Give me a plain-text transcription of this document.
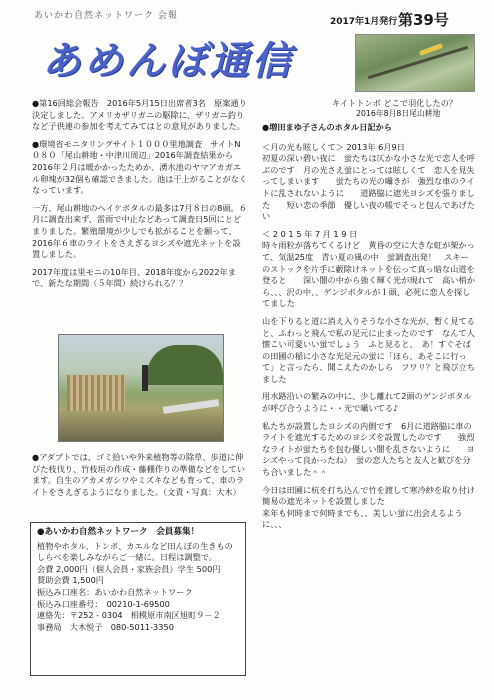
あいかわ自然ネットワーク 会報
あめんぼ通信
2017年1月発行 第39号
キイトトンボ どこで羽化したの？
2016年8月8日尾山耕地

●第16回総会報告　2016年5月15日出席者3名　原案通り決定しました。アメリカザリガニの駆除に、ザリガニ釣りなど子供連の参加を考えてみてはとの意見がありました。

●環境省モニタリングサイト１０００里地調査　サイトN０８０「尾山耕地・中津川周辺」2016年調査結果から　　2016年２月は暖かかったためか、湧水池のヤマアカガエル卵塊が32個も確認できました。池は干上がることがなくなっています。

一方、尾山耕地のヘイケボタルの最多は7月８日の8頭。６月に調査出来ず、雷雨で中止などあって調査日5回にとどまりました。繁殖環境が少しでも拡がることを願って、2016年６車のライトをさえぎるヨシズや遮光ネットを設置しました。

2017年度は里モニの10年目、2018年度から2022年まで、新たな期間（５年間）続けられる？？

●アダプトでは、ゴミ拾いや外来植物等の除草、歩道に伸びた枝伐り、竹枝垣の作成・藤棚作りの準備などをしています。自生のアカメガシワやミズキなども育って、車のライトをさえぎるようになりました。（文責・写真：大木）

●あいかわ自然ネットワーク　会員募集！

植物やホタル、トンボ、カエルなど田んぼの生きものしらべを楽しみながらご一緒に。日程は調整で。

会費 2,000円（個人会員・家族会員）学生 500円

賛助会費 1,500円

振込み口座名：あいかわ自然ネットワーク

振込み口座番号：　00210-1-69500

連絡先：〒252 - 0304　相模原市南区旭町９－２

事務局　大木悦子　080-5011-3350

●増田まゆ子さんのホタル日記から

＜月の光も眩しくて＞ 2013年 6月9日
初夏の深い碧い夜に　蛍たちは仄かな小さな光で恋人を呼ぶのです　月の光さえ蛍にとっては眩しくて　恋人を見失ってしまいます　　蛍たちの光の囁きが　強烈な車のライトに乱されないように　　道路脇に遮光ヨシズを張りました　　短い恋の季節　優しい夜の帳でそっと包んであげたい

＜ 2 0 1 5 年 7 月 1 9 日
時々雨粒が落ちてくるけど　黄昏の空に大きな虹が架かって、気温25度　青い夏の風の中　蛍調査出発！　スキーのストックを片手に藪除けネットを伝って真っ暗な山道を登ると　　深い闇の中から強く輝く光が現れて　高い梢から、、、沢の中、、ゲンジボタルが１頭、必死に恋人を探してました

山を下りると道に消え入りそうな小さな光が、暫く見てると、ふわっと飛んで私の足元に止まったのです　なんて人懐こい可愛いい蛍でしょう　ふと見ると、　あ！すぐそばの田圃の稲に小さな光足元の蛍に「ほら、あそこに行って」と言ったら、聞こえたのかしら　フワリ？と飛び立ちました

用水路沿いの繁みの中に、少し離れて2頭のゲンジボタルが呼び合うように・・光で囁いてる♪

私たちが設置したヨシズの内側です　6月に道路脇に車のライトを遮光するためのヨシズを設置したのです　　強烈なライトが蛍たちを包む優しい闇を乱さないように　　ヨシズやって良かったね）　蛍の恋人たちと友人と歓びを分ち合いました＾＾

今日は田圃に杭を打ち込んで竹を渡して寒冷紗を取り付け簡易の遮光ネットを設置しました
来年も何時まで何時までも、、美しい蛍に出会えるように、、、
